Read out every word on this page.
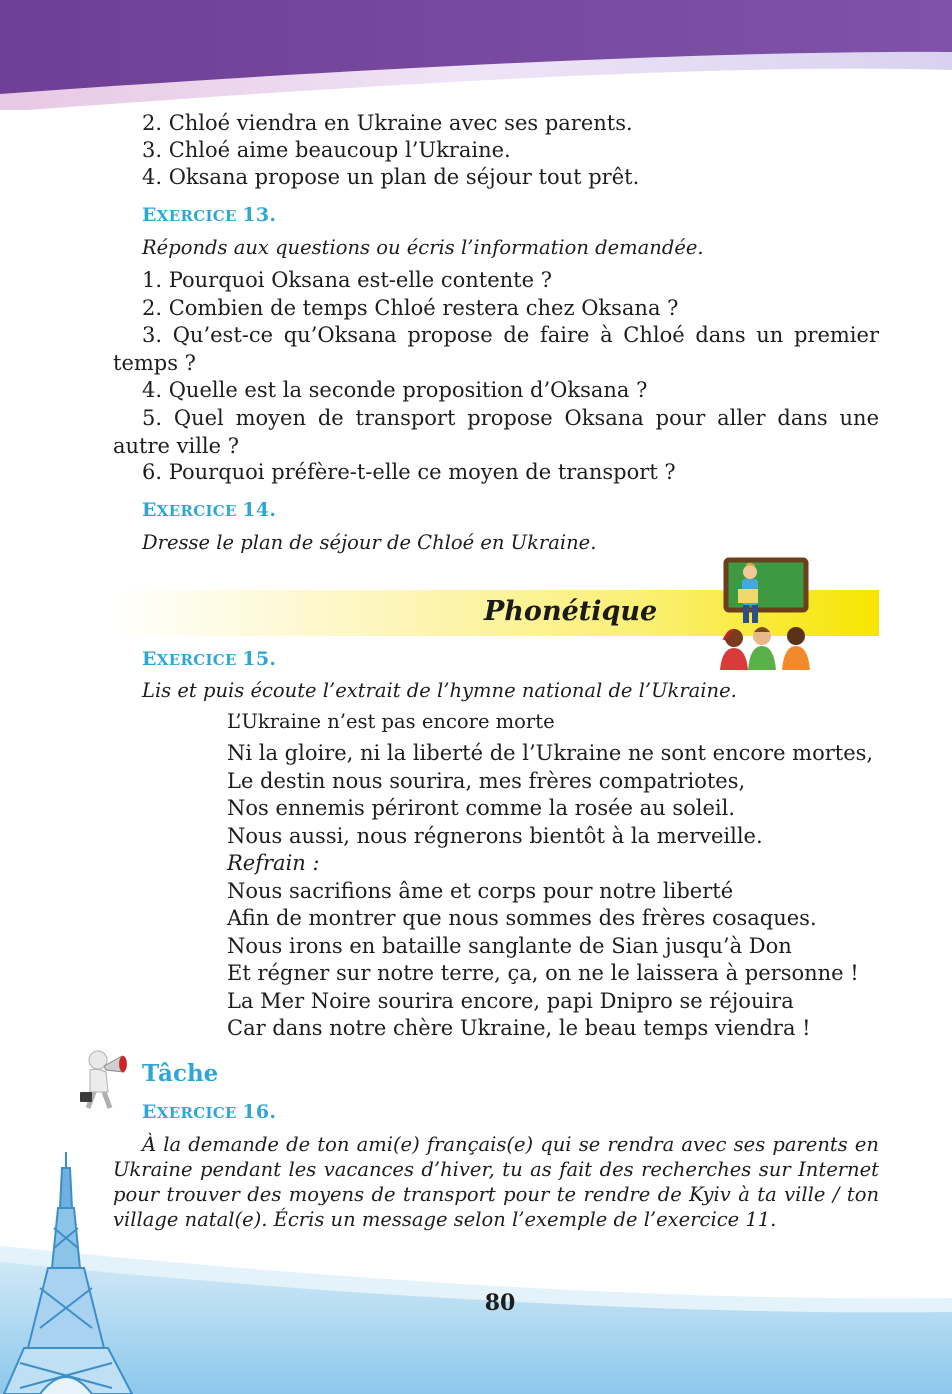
2. Chloé viendra en Ukraine avec ses parents.
3. Chloé aime beaucoup l’Ukraine.
4. Oksana propose un plan de séjour tout prêt.
EXERCICE 13.
Réponds aux questions ou écris l’information demandée.
1. Pourquoi Oksana est-elle contente ?
2. Combien de temps Chloé restera chez Oksana ?
3. Qu’est-ce qu’Oksana propose de faire à Chloé dans un premier temps ?
4. Quelle est la seconde proposition d’Oksana ?
5. Quel moyen de transport propose Oksana pour aller dans une autre ville ?
6. Pourquoi préfère-t-elle ce moyen de transport ?
EXERCICE 14.
Dresse le plan de séjour de Chloé en Ukraine.
Phonétique
EXERCICE 15.
Lis et puis écoute l’extrait de l’hymne national de l’Ukraine.
L’Ukraine n’est pas encore morte
Ni la gloire, ni la liberté de l’Ukraine ne sont encore mortes,
Le destin nous sourira, mes frères compatriotes,
Nos ennemis périront comme la rosée au soleil.
Nous aussi, nous régnerons bientôt à la merveille.
Refrain :
Nous sacrifions âme et corps pour notre liberté
Afin de montrer que nous sommes des frères cosaques.
Nous irons en bataille sanglante de Sian jusqu’à Don
Et régner sur notre terre, ça, on ne le laissera à personne !
La Mer Noire sourira encore, papi Dnipro se réjouira
Car dans notre chère Ukraine, le beau temps viendra !
Tâche
EXERCICE 16.
À la demande de ton ami(e) français(e) qui se rendra avec ses parents en Ukraine pendant les vacances d’hiver, tu as fait des recherches sur Internet pour trouver des moyens de transport pour te rendre de Kyiv à ta ville / ton village natal(e). Écris un message selon l’exemple de l’exercice 11.
80
